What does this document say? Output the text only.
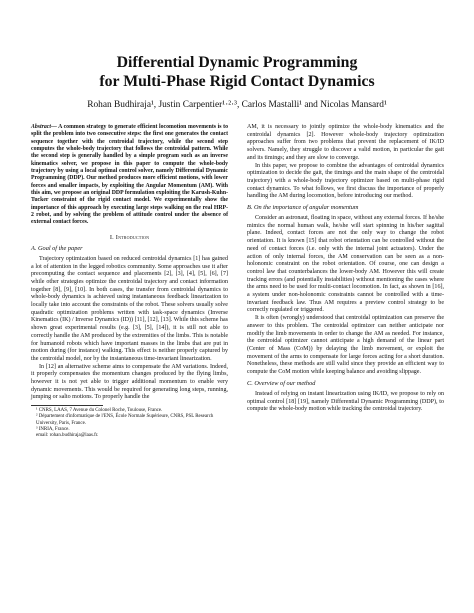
Differential Dynamic Programming
for Multi-Phase Rigid Contact Dynamics
Rohan Budhiraja¹, Justin Carpentier¹·²·³, Carlos Mastalli¹ and Nicolas Mansard¹

Abstract— A common strategy to generate efficient locomotion movements is to split the problem into two consecutive steps: the first one generates the contact sequence together with the centroidal trajectory, while the second step computes the whole-body trajectory that follows the centroidal pattern. While the second step is generally handled by a simple program such as an inverse kinematics solver, we propose in this paper to compute the whole-body trajectory by using a local optimal control solver, namely Differential Dynamic Programming (DDP). Our method produces more efficient motions, with lower forces and smaller impacts, by exploiting the Angular Momentum (AM). With this aim, we propose an original DDP formulation exploiting the Karush-Kuhn-Tucker constraint of the rigid contact model. We experimentally show the importance of this approach by executing large steps walking on the real HRP-2 robot, and by solving the problem of attitude control under the absence of external contact forces.

I. Introduction
A. Goal of the paper

Trajectory optimization based on reduced centroidal dynamics [1] has gained a lot of attention in the legged robotics community. Some approaches use it after precomputing the contact sequence and placements [2], [3], [4], [5], [6], [7] while other strategies optimize the centroidal trajectory and contact information together [8], [9], [10]. In both cases, the transfer from centroidal dynamics to whole-body dynamics is achieved using instantaneous feedback linearization to locally take into account the constraints of the robot. These solvers usually solve quadratic optimization problems written with task-space dynamics (Inverse Kinematics (IK) / Inverse Dynamics (ID)) [11], [12], [13]. While this scheme has shown great experimental results (e.g. [3], [5], [14]), it is still not able to correctly handle the AM produced by the extremities of the limbs. This is notable for humanoid robots which have important masses in the limbs that are put in motion during (for instance) walking. This effect is neither properly captured by the centroidal model, nor by the instantaneous time-invariant linearization.

In [12] an alternative scheme aims to compensate the AM variations. Indeed, it properly compensates the momentum changes produced by the flying limbs, however it is not yet able to trigger additional momentum to enable very dynamic movements. This would be required for generating long steps, running, jumping or salto motions. To properly handle the

¹ CNRS, LAAS, 7 Avenue du Colonel Roche, Toulouse, France.

² Département d'informatique de l'ENS, École Normale Supérieure, CNRS, PSL Research University, Paris, France.

³ INRIA, France.

email: rohan.budhiraja@laas.fr.

AM, it is necessary to jointly optimize the whole-body kinematics and the centroidal dynamics [2]. However whole-body trajectory optimization approaches suffer from two problems that prevent the replacement of IK/ID solvers. Namely, they struggle to discover a valid motion, in particular the gait and its timings; and they are slow to converge.

In this paper, we propose to combine the advantages of centroidal dynamics optimization to decide the gait, the timings and the main shape of the centroidal trajectory) with a whole-body trajectory optimizer based on multi-phase rigid contact dynamics. To what follows, we first discuss the importance of properly handling the AM during locomotion, before introducing our method.

B. On the importance of angular momentum

Consider an astronaut, floating in space, without any external forces. If he/she mimics the normal human walk, he/she will start spinning in his/her sagittal plane. Indeed, contact forces are not the only way to change the robot orientation. It is known [15] that robot orientation can be controlled without the need of contact forces (i.e. only with the internal joint actuators). Under the action of only internal forces, the AM conservation can be seen as a non-holonomic constraint on the robot orientation. Of course, one can design a control law that counterbalances the lower-body AM. However this will create tracking errors (and potentially instabilities) without mentioning the cases where the arms need to be used for multi-contact locomotion. In fact, as shown in [16], a system under non-holonomic constraints cannot be controlled with a time-invariant feedback law. Thus AM requires a preview control strategy to be correctly regulated or triggered.

It is often (wrongly) understood that centroidal optimization can preserve the answer to this problem. The centroidal optimizer can neither anticipate nor modify the limb movements in order to change the AM as needed. For instance, the centroidal optimizer cannot anticipate a high demand of the linear part (Center of Mass (CoM)) by delaying the limb movement, or exploit the movement of the arms to compensate for large forces acting for a short duration. Nonetheless, these methods are still valid since they provide an efficient way to compute the CoM motion while keeping balance and avoiding slippage.

C. Overview of our method

Instead of relying on instant linearization using IK/ID, we propose to rely on optimal control [18] [19], namely Differential Dynamic Programming (DDP), to compute the whole-body motion while tracking the centroidal trajectory.
